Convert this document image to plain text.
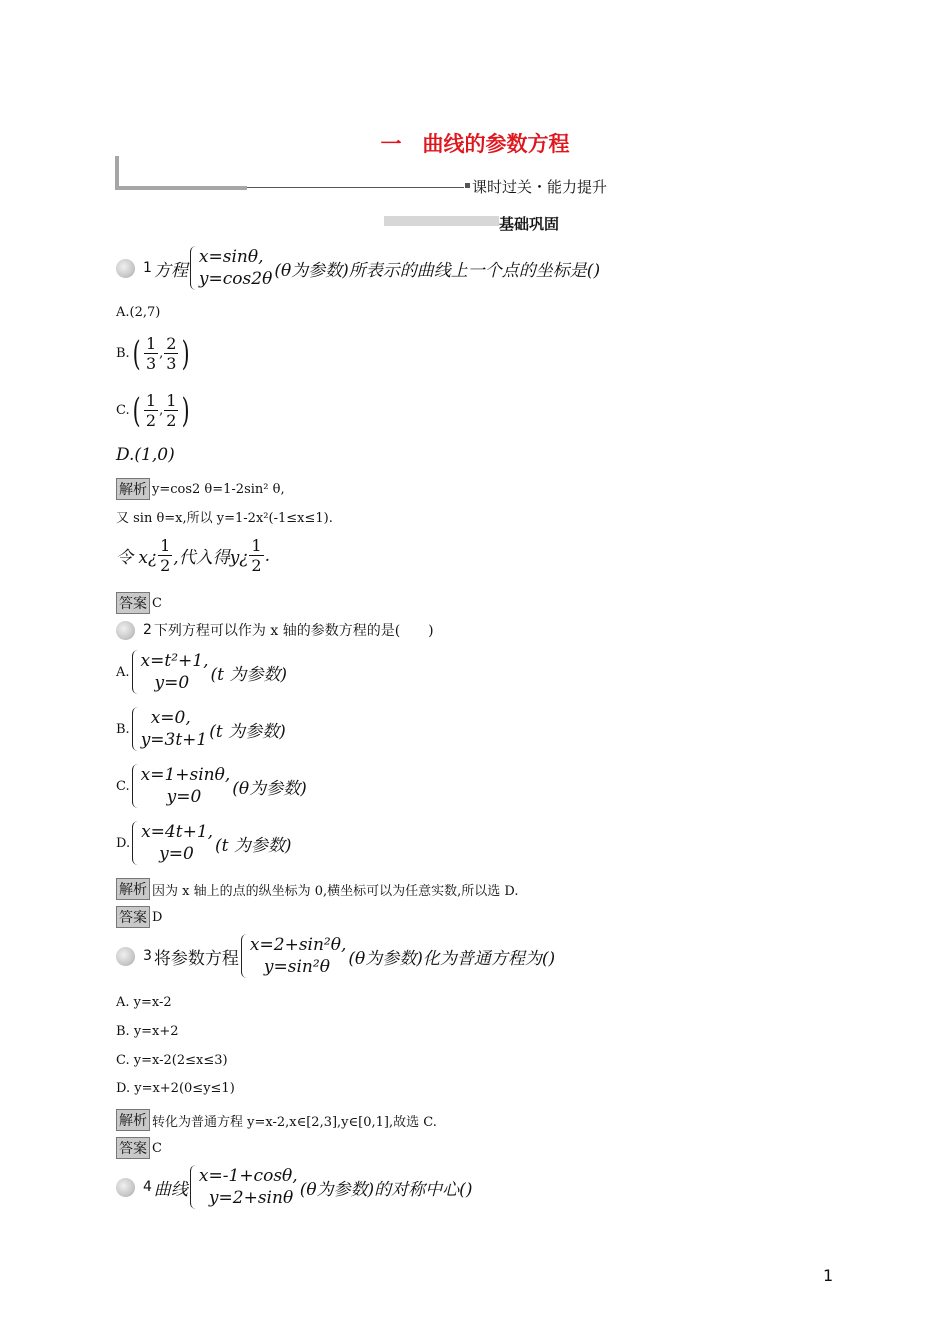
一　曲线的参数方程
课时过关・能力提升
基础巩固
1 方程
x=sinθ,
y=cos2θ (θ为参数)所表示的曲线上一个点的坐标是()
A.(2,7)
B. ( $\frac{1}{3}$ , $\frac{2}{3}$ )
C. ( $\frac{1}{2}$ , $\frac{1}{2}$ )
D.(1,0)
解析 y=cos2 θ=1-2sin² θ,
又 sin θ=x,所以 y=1-2x²(-1≤x≤1).
令 x¿ $\frac{1}{2}$ ,代入得y¿ $\frac{1}{2}$ .
答案 C
2 下列方程可以作为 x 轴的参数方程的是(　　)
A.
x=t²+1,
y=0	(t 为参数)
B.
x=0,
y=3t+1 (t 为参数)
C.
x=1+sinθ,
y=0	(θ为参数)
D.
x=4t+1,
y=0	(t 为参数)
解析 因为 x 轴上的点的纵坐标为 0,横坐标可以为任意实数,所以选 D.
答案 D
3 将参数方程
x=2+sin²θ,
y=sin²θ	(θ为参数)化为普通方程为()
A. y=x-2
B. y=x+2
C. y=x-2(2≤x≤3)
D. y=x+2(0≤y≤1)
解析 转化为普通方程 y=x-2,x∈[2,3],y∈[0,1],故选 C.
答案 C
4 曲线
x=-1+cosθ,
y=2+sinθ (θ为参数)的对称中心()
1
